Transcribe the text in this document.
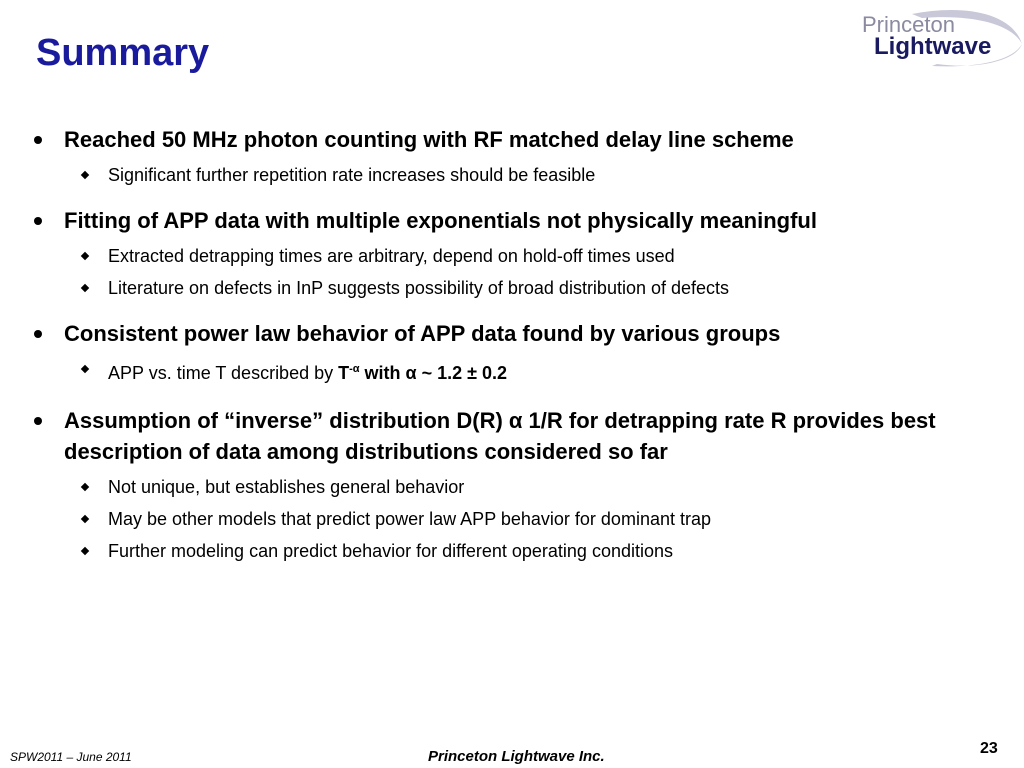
Summary
Princeton
Lightwave
Reached 50 MHz photon counting with RF matched delay line scheme
Significant further repetition rate increases should be feasible
Fitting of APP data with multiple exponentials not physically meaningful
Extracted detrapping times are arbitrary, depend on hold-off times used
Literature on defects in InP suggests possibility of broad distribution of defects
Consistent power law behavior of APP data found by various groups
APP vs. time T described by $T^{-\alpha}$ with α ~ 1.2 ± 0.2
Assumption of “inverse” distribution D(R) α 1/R for detrapping rate R provides best description of data among distributions considered so far
Not unique, but establishes general behavior
May be other models that predict power law APP behavior for dominant trap
Further modeling can predict behavior for different operating conditions
SPW2011 – June 2011	Princeton Lightwave Inc.	23
